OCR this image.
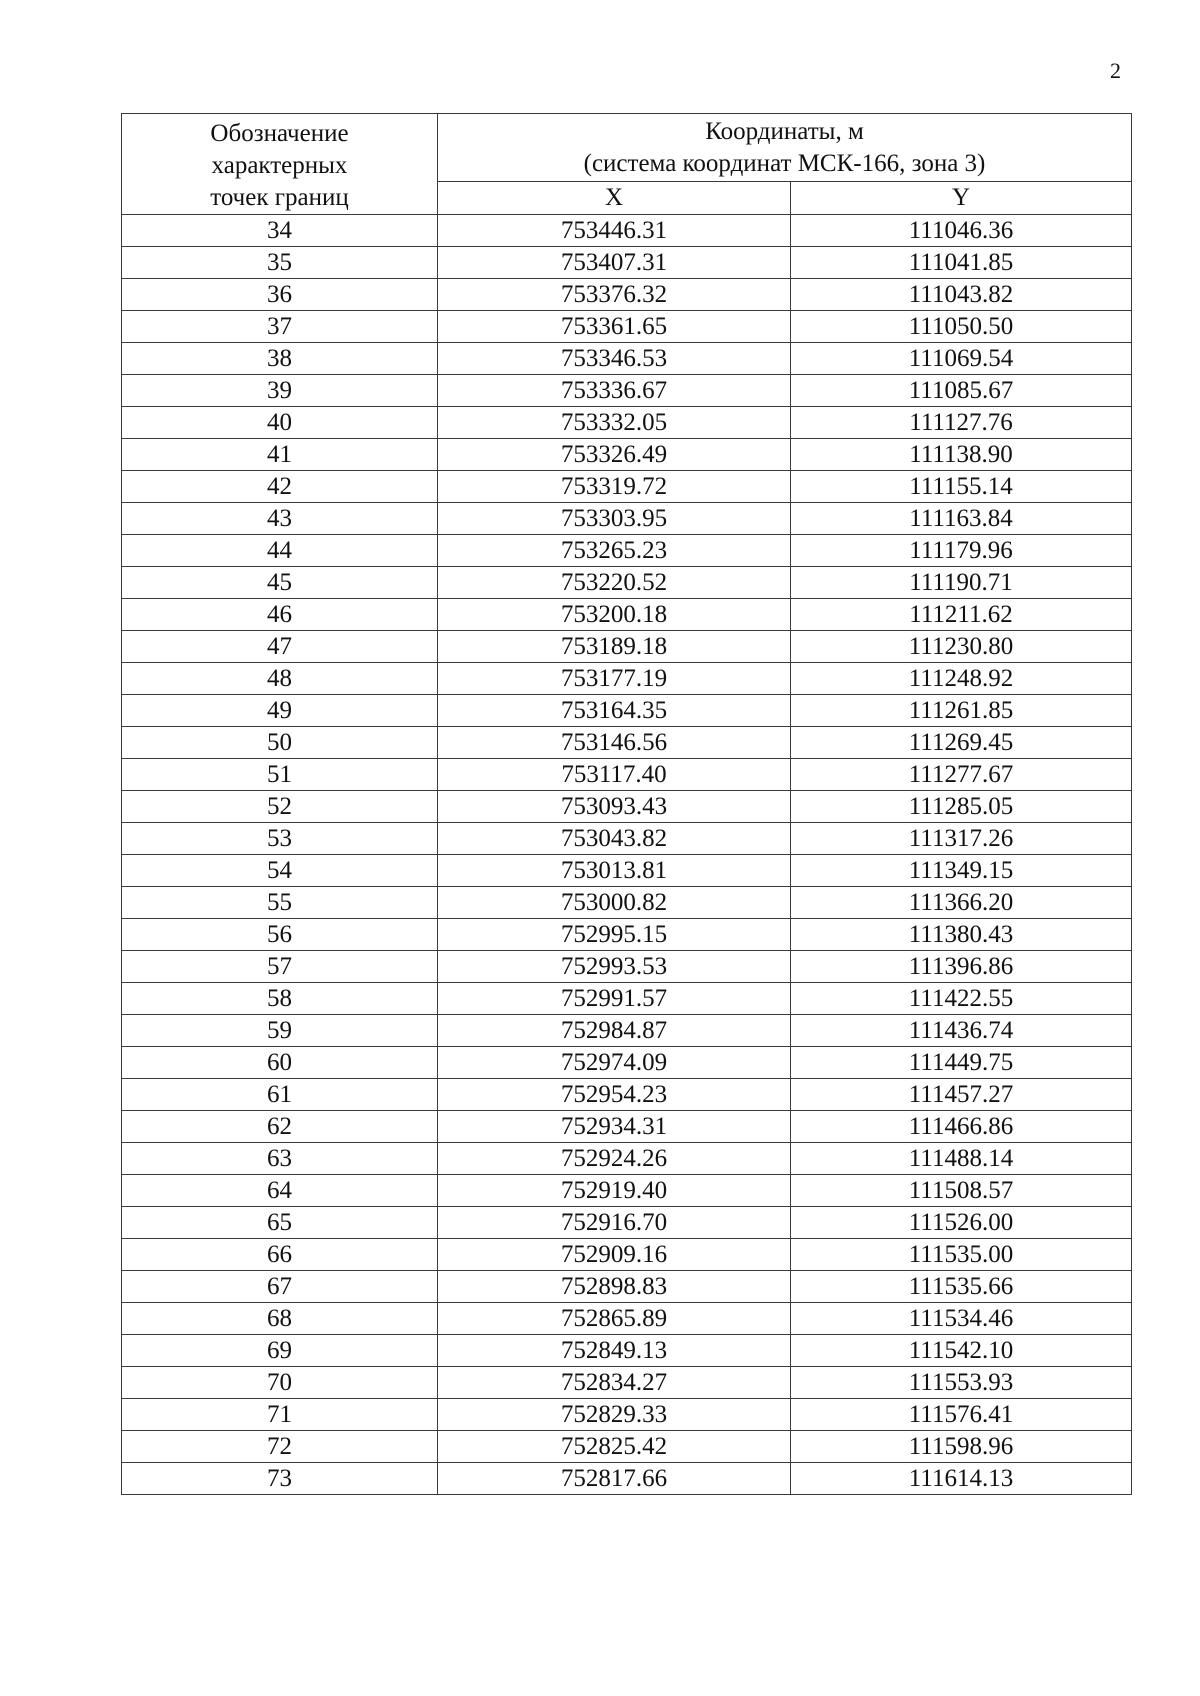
2
Обозначение
характерных
точек границ	Координаты, м
(система координат МСК-166, зона 3)	

	X	Y
34	753446.31	111046.36
35	753407.31	111041.85
36	753376.32	111043.82
37	753361.65	111050.50
38	753346.53	111069.54
39	753336.67	111085.67
40	753332.05	111127.76
41	753326.49	111138.90
42	753319.72	111155.14
43	753303.95	111163.84
44	753265.23	111179.96
45	753220.52	111190.71
46	753200.18	111211.62
47	753189.18	111230.80
48	753177.19	111248.92
49	753164.35	111261.85
50	753146.56	111269.45
51	753117.40	111277.67
52	753093.43	111285.05
53	753043.82	111317.26
54	753013.81	111349.15
55	753000.82	111366.20
56	752995.15	111380.43
57	752993.53	111396.86
58	752991.57	111422.55
59	752984.87	111436.74
60	752974.09	111449.75
61	752954.23	111457.27
62	752934.31	111466.86
63	752924.26	111488.14
64	752919.40	111508.57
65	752916.70	111526.00
66	752909.16	111535.00
67	752898.83	111535.66
68	752865.89	111534.46
69	752849.13	111542.10
70	752834.27	111553.93
71	752829.33	111576.41
72	752825.42	111598.96
73	752817.66	111614.13
